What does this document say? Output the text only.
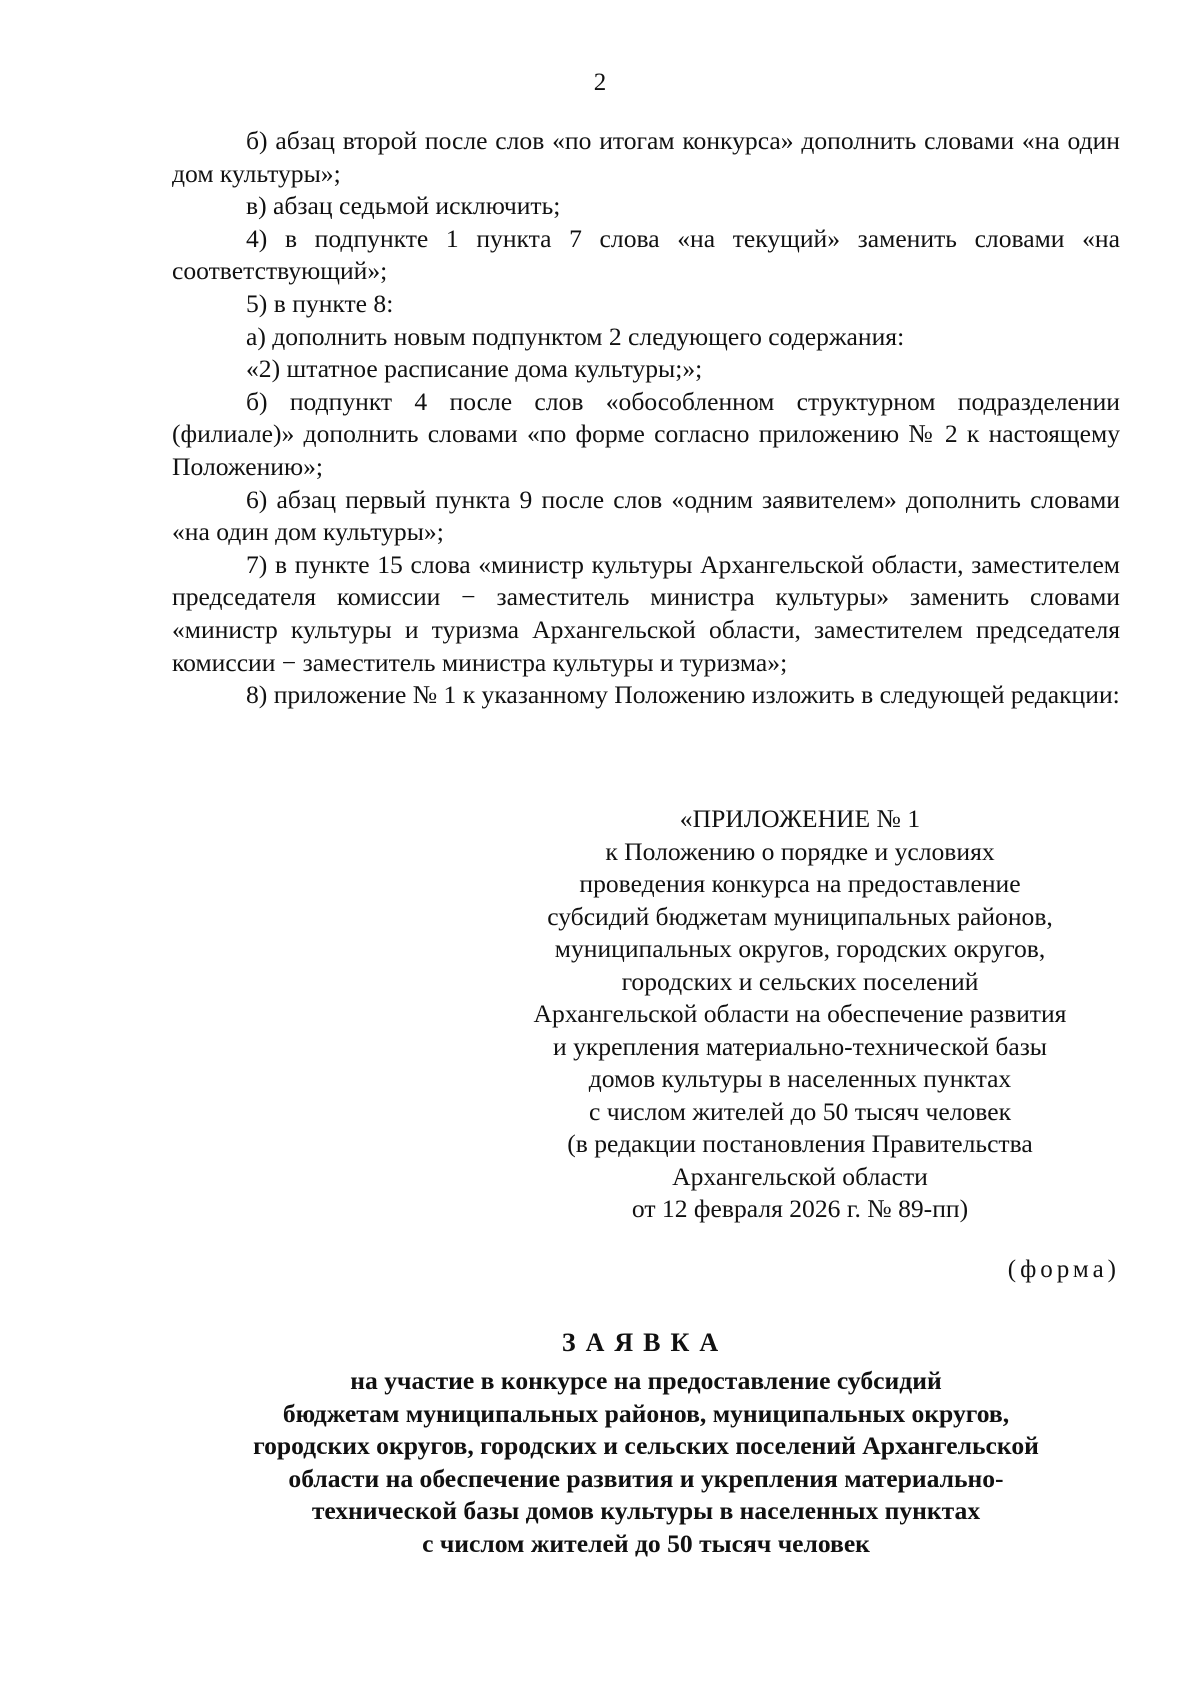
2

б) абзац второй после слов «по итогам конкурса» дополнить словами «на один дом культуры»;

в) абзац седьмой исключить;

4) в подпункте 1 пункта 7 слова «на текущий» заменить словами «на соответствующий»;

5) в пункте 8:

а) дополнить новым подпунктом 2 следующего содержания:

«2) штатное расписание дома культуры;»;

б) подпункт 4 после слов «обособленном структурном подразделении (филиале)» дополнить словами «по форме согласно приложению № 2 к настоящему Положению»;

6) абзац первый пункта 9 после слов «одним заявителем» дополнить словами «на один дом культуры»;

7) в пункте 15 слова «министр культуры Архангельской области, заместителем председателя комиссии − заместитель министра культуры» заменить словами «министр культуры и туризма Архангельской области, заместителем председателя комиссии − заместитель министра культуры и туризма»;

8) приложение № 1 к указанному Положению изложить в следующей редакции:

«ПРИЛОЖЕНИЕ № 1
к Положению о порядке и условиях
проведения конкурса на предоставление
субсидий бюджетам муниципальных районов,
муниципальных округов, городских округов,
городских и сельских поселений
Архангельской области на обеспечение развития
и укрепления материально-технической базы
домов культуры в населенных пунктах
с числом жителей до 50 тысяч человек
(в редакции постановления Правительства
Архангельской области
от 12 февраля 2026 г. № 89-пп)
(форма)
ЗАЯВКА
на участие в конкурсе на предоставление субсидий
бюджетам муниципальных районов, муниципальных округов,
городских округов, городских и сельских поселений Архангельской
области на обеспечение развития и укрепления материально-
технической базы домов культуры в населенных пунктах
с числом жителей до 50 тысяч человек
